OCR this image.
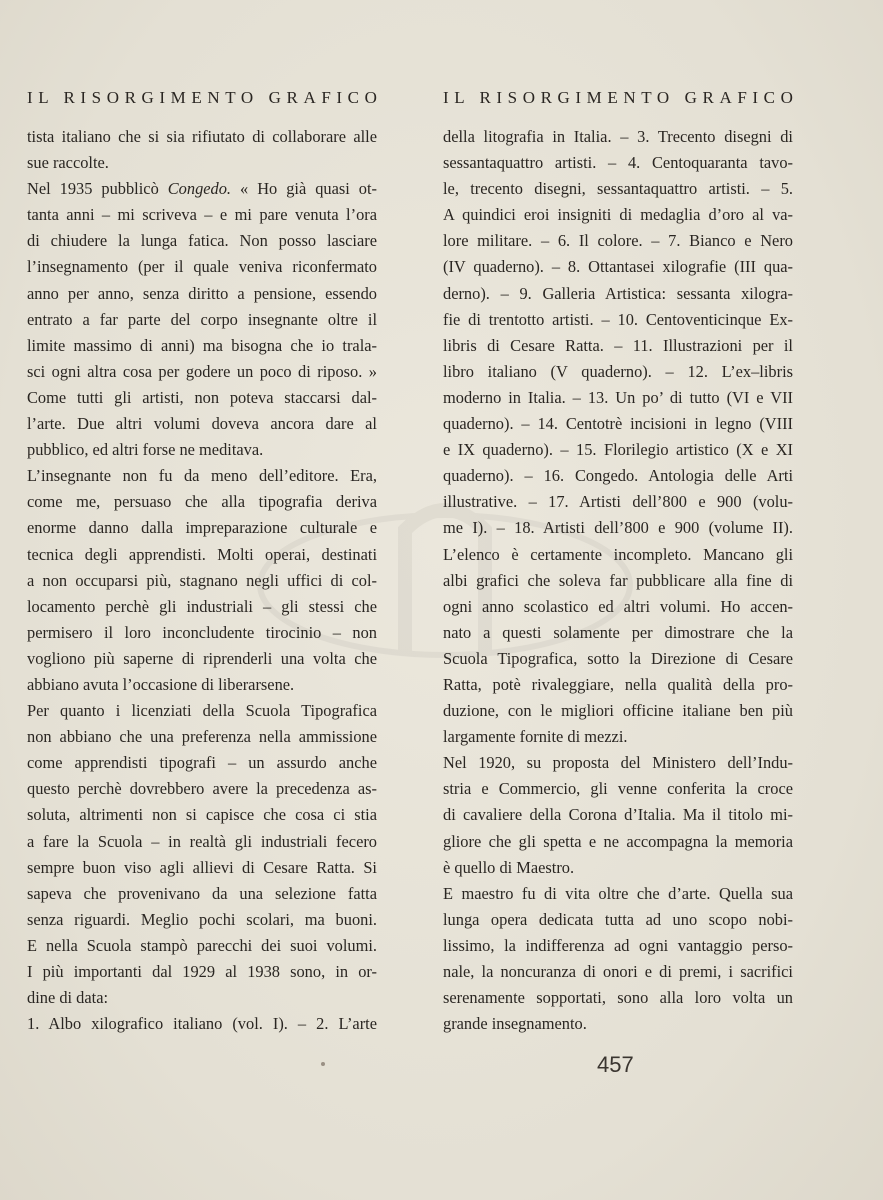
IL RISORGIMENTO GRAFICO
tista italiano che si sia rifiutato di collaborare alle
sue raccolte.
Nel 1935 pubblicò Congedo. « Ho già quasi ot-
tanta anni – mi scriveva – e mi pare venuta l’ora
di chiudere la lunga fatica. Non posso lasciare
l’insegnamento (per il quale veniva riconfermato
anno per anno, senza diritto a pensione, essendo
entrato a far parte del corpo insegnante oltre il
limite massimo di anni) ma bisogna che io trala-
sci ogni altra cosa per godere un poco di riposo. »
Come tutti gli artisti, non poteva staccarsi dal-
l’arte. Due altri volumi doveva ancora dare al
pubblico, ed altri forse ne meditava.
L’insegnante non fu da meno dell’editore. Era,
come me, persuaso che alla tipografia deriva
enorme danno dalla impreparazione culturale e
tecnica degli apprendisti. Molti operai, destinati
a non occuparsi più, stagnano negli uffici di col-
locamento perchè gli industriali – gli stessi che
permisero il loro inconcludente tirocinio – non
vogliono più saperne di riprenderli una volta che
abbiano avuta l’occasione di liberarsene.
Per quanto i licenziati della Scuola Tipografica
non abbiano che una preferenza nella ammissione
come apprendisti tipografi – un assurdo anche
questo perchè dovrebbero avere la precedenza as-
soluta, altrimenti non si capisce che cosa ci stia
a fare la Scuola – in realtà gli industriali fecero
sempre buon viso agli allievi di Cesare Ratta. Si
sapeva che provenivano da una selezione fatta
senza riguardi. Meglio pochi scolari, ma buoni.
E nella Scuola stampò parecchi dei suoi volumi.
I più importanti dal 1929 al 1938 sono, in or-
dine di data:
1. Albo xilografico italiano (vol. I). – 2. L’arte
IL RISORGIMENTO GRAFICO
della litografia in Italia. – 3. Trecento disegni di
sessantaquattro artisti. – 4. Centoquaranta tavo-
le, trecento disegni, sessantaquattro artisti. – 5.
A quindici eroi insigniti di medaglia d’oro al va-
lore militare. – 6. Il colore. – 7. Bianco e Nero
(IV quaderno). – 8. Ottantasei xilografie (III qua-
derno). – 9. Galleria Artistica: sessanta xilogra-
fie di trentotto artisti. – 10. Centoventicinque Ex-
libris di Cesare Ratta. – 11. Illustrazioni per il
libro italiano (V quaderno). – 12. L’ex–libris
moderno in Italia. – 13. Un po’ di tutto (VI e VII
quaderno). – 14. Centotrè incisioni in legno (VIII
e IX quaderno). – 15. Florilegio artistico (X e XI
quaderno). – 16. Congedo. Antologia delle Arti
illustrative. – 17. Artisti dell’800 e 900 (volu-
me I). – 18. Artisti dell’800 e 900 (volume II).
L’elenco è certamente incompleto. Mancano gli
albi grafici che soleva far pubblicare alla fine di
ogni anno scolastico ed altri volumi. Ho accen-
nato a questi solamente per dimostrare che la
Scuola Tipografica, sotto la Direzione di Cesare
Ratta, potè rivaleggiare, nella qualità della pro-
duzione, con le migliori officine italiane ben più
largamente fornite di mezzi.
Nel 1920, su proposta del Ministero dell’Indu-
stria e Commercio, gli venne conferita la croce
di cavaliere della Corona d’Italia. Ma il titolo mi-
gliore che gli spetta e ne accompagna la memoria
è quello di Maestro.
E maestro fu di vita oltre che d’arte. Quella sua
lunga opera dedicata tutta ad uno scopo nobi-
lissimo, la indifferenza ad ogni vantaggio perso-
nale, la noncuranza di onori e di premi, i sacrifici
serenamente sopportati, sono alla loro volta un
grande insegnamento.
457
